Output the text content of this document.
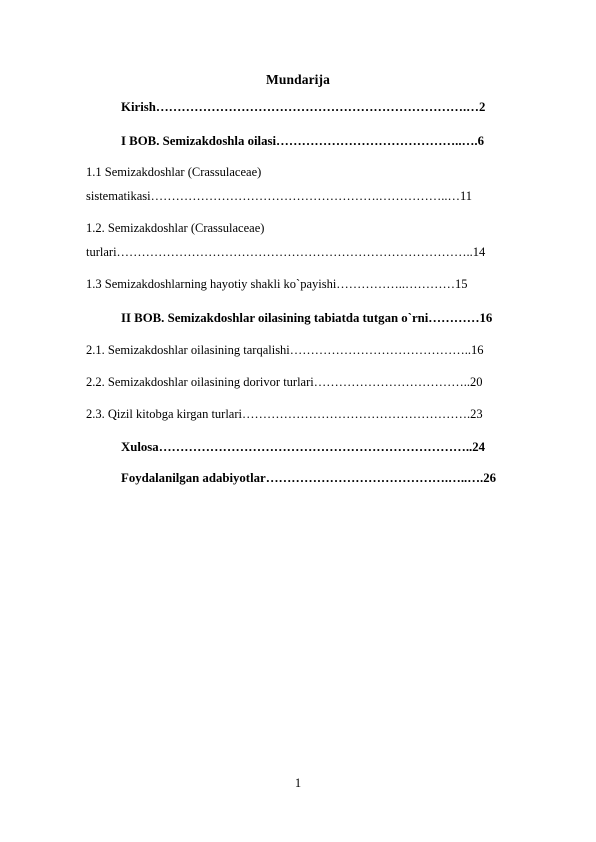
Mundarija
Kirish……………………………………………………………….…2
I BOB. Semizakdoshla oilasi……………………………………..….6
1.1 Semizakdoshlar (Crassulaceae)
sistematikasi……………………………………………….……………..…11
1.2. Semizakdoshlar (Crassulaceae)
turlari…………………………………………………………………………..14
1.3 Semizakdoshlarning hayotiy shakli ko`payishi……………..…………15
II BOB. Semizakdoshlar oilasining tabiatda tutgan o`rni…………16
2.1. Semizakdoshlar oilasining tarqalishi……………………………………..16
2.2. Semizakdoshlar oilasining dorivor turlari………………………………..20
2.3. Qizil kitobga kirgan turlari……………………………………………….23
Xulosa………………………………………………………………..24
Foydalanilgan adabiyotlar…………………………………….…..….26
1
